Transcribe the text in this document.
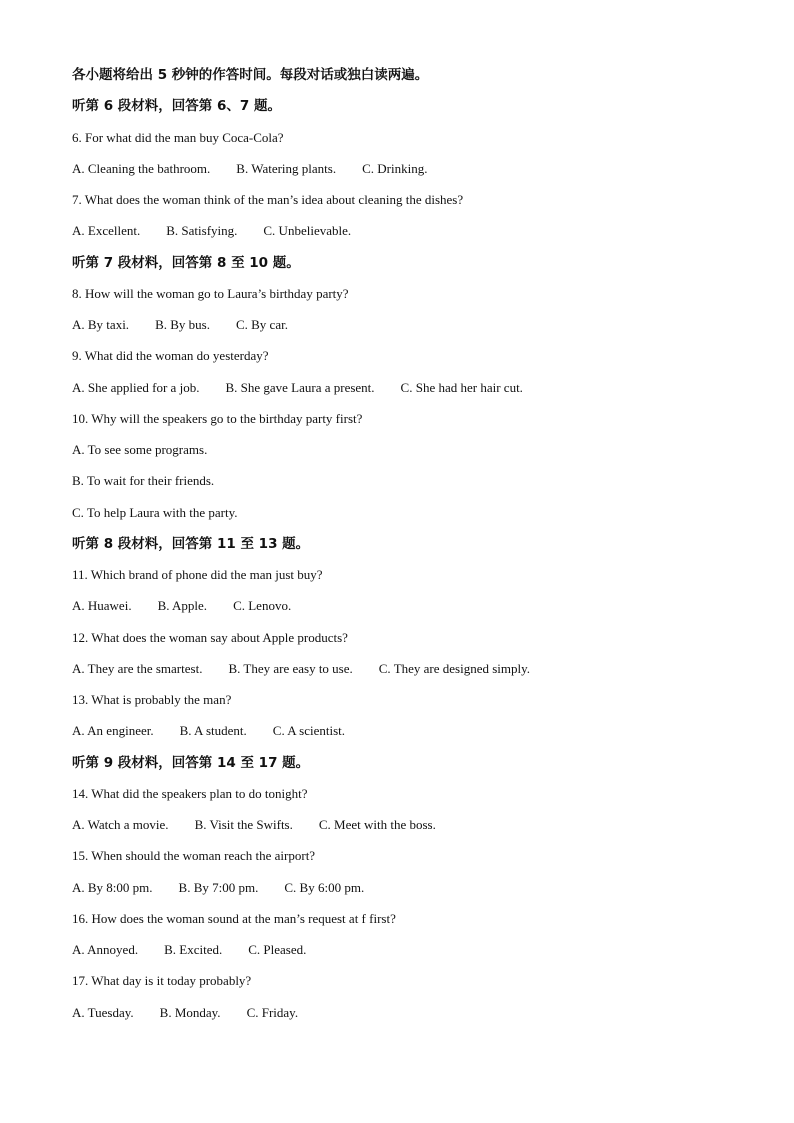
各小题将给出 5 秒钟的作答时间。每段对话或独白读两遍。
听第 6 段材料，回答第 6、7 题。
6. For what did the man buy Coca-Cola?
A. Cleaning the bathroom. B. Watering plants. C. Drinking.
7. What does the woman think of the man’s idea about cleaning the dishes?
A. Excellent. B. Satisfying. C. Unbelievable.
听第 7 段材料，回答第 8 至 10 题。
8. How will the woman go to Laura’s birthday party?
A. By taxi. B. By bus. C. By car.
9. What did the woman do yesterday?
A. She applied for a job. B. She gave Laura a present. C. She had her hair cut.
10. Why will the speakers go to the birthday party first?
A. To see some programs.
B. To wait for their friends.
C. To help Laura with the party.
听第 8 段材料，回答第 11 至 13 题。
11. Which brand of phone did the man just buy?
A. Huawei. B. Apple. C. Lenovo.
12. What does the woman say about Apple products?
A. They are the smartest. B. They are easy to use. C. They are designed simply.
13. What is probably the man?
A. An engineer. B. A student. C. A scientist.
听第 9 段材料，回答第 14 至 17 题。
14. What did the speakers plan to do tonight?
A. Watch a movie. B. Visit the Swifts. C. Meet with the boss.
15. When should the woman reach the airport?
A. By 8:00 pm. B. By 7:00 pm. C. By 6:00 pm.
16. How does the woman sound at the man’s request at f first?
A. Annoyed. B. Excited. C. Pleased.
17. What day is it today probably?
A. Tuesday. B. Monday. C. Friday.
